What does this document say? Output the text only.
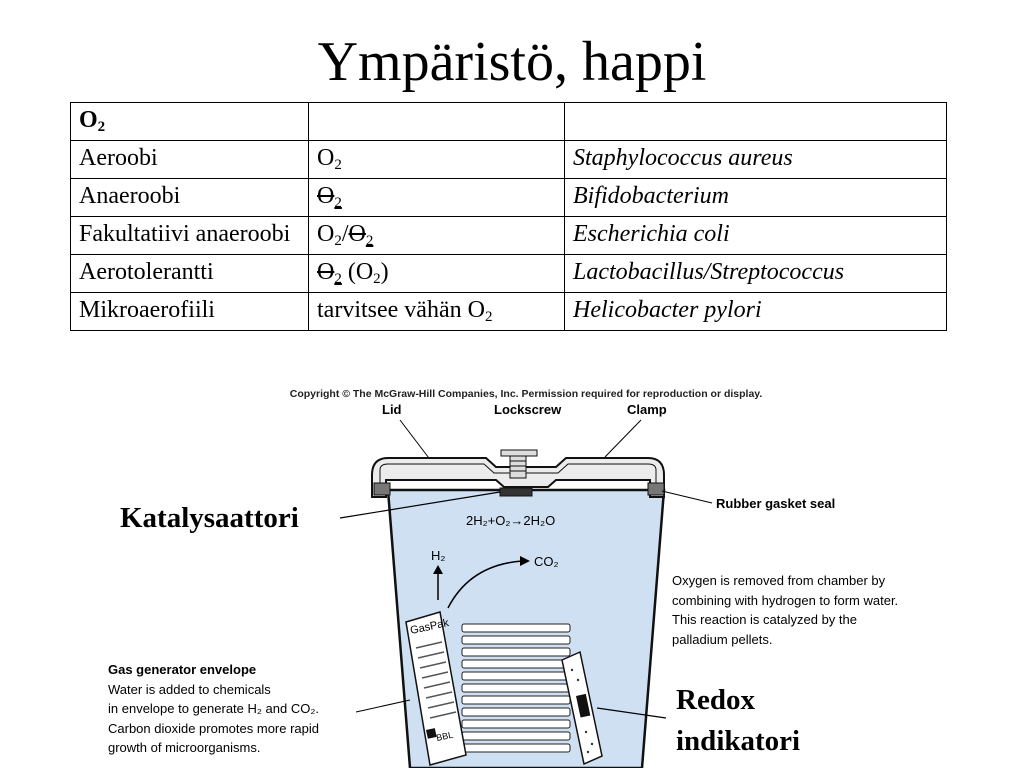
Ympäristö, happi
O2		
Aeroobi	O2	Staphylococcus aureus
Anaeroobi	O2	Bifidobacterium
Fakultatiivi anaeroobi	O2/O2	Escherichia coli
Aerotolerantti	O2 (O2)	Lactobacillus/Streptococcus
Mikroaerofiili	tarvitsee vähän O2	Helicobacter pylori
Copyright © The McGraw-Hill Companies, Inc. Permission required for reproduction or display.
Lid	Lockscrew	Clamp
Rubber gasket seal
2H₂+O₂→2H₂O
H₂	CO₂
GasPak
BBL
Oxygen is removed from chamber by
combining with hydrogen to form water.
This reaction is catalyzed by the
palladium pellets.
Gas generator envelope
Water is added to chemicals
in envelope to generate H₂ and CO₂.
Carbon dioxide promotes more rapid
growth of microorganisms.
Katalysaattori
Redox
indikatori
